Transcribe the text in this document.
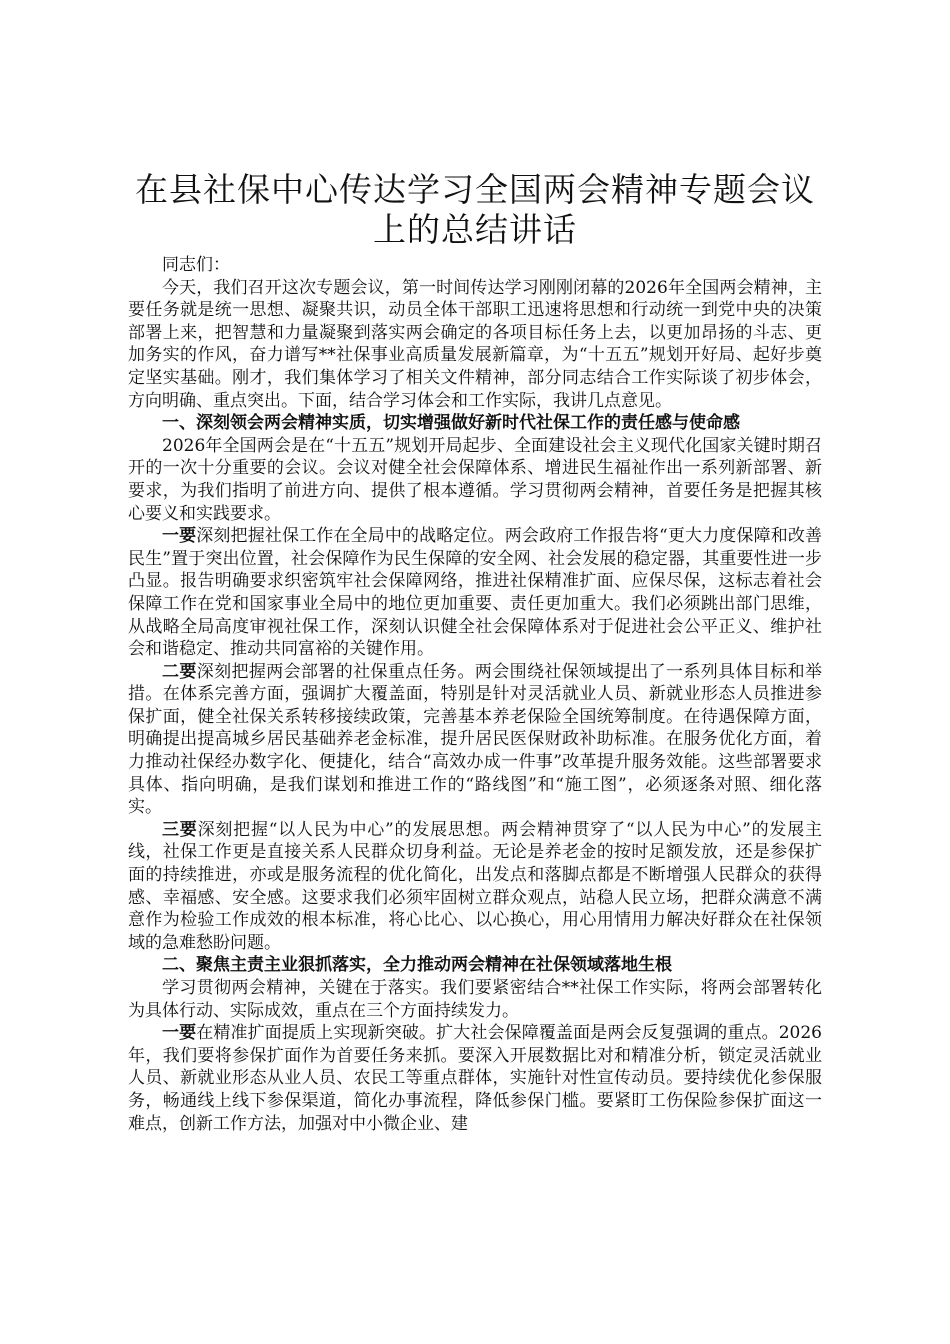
在县社保中心传达学习全国两会精神专题会议
上的总结讲话

同志们：

今天，我们召开这次专题会议，第一时间传达学习刚刚闭幕的2026年全国两会精神，主要任务就是统一思想、凝聚共识，动员全体干部职工迅速将思想和行动统一到党中央的决策部署上来，把智慧和力量凝聚到落实两会确定的各项目标任务上去，以更加昂扬的斗志、更加务实的作风，奋力谱写**社保事业高质量发展新篇章，为“十五五”规划开好局、起好步奠定坚实基础。刚才，我们集体学习了相关文件精神，部分同志结合工作实际谈了初步体会，方向明确、重点突出。下面，结合学习体会和工作实际，我讲几点意见。

一、深刻领会两会精神实质，切实增强做好新时代社保工作的责任感与使命感

2026年全国两会是在“十五五”规划开局起步、全面建设社会主义现代化国家关键时期召开的一次十分重要的会议。会议对健全社会保障体系、增进民生福祉作出一系列新部署、新要求，为我们指明了前进方向、提供了根本遵循。学习贯彻两会精神，首要任务是把握其核心要义和实践要求。

一要深刻把握社保工作在全局中的战略定位。两会政府工作报告将“更大力度保障和改善民生”置于突出位置，社会保障作为民生保障的安全网、社会发展的稳定器，其重要性进一步凸显。报告明确要求织密筑牢社会保障网络，推进社保精准扩面、应保尽保，这标志着社会保障工作在党和国家事业全局中的地位更加重要、责任更加重大。我们必须跳出部门思维，从战略全局高度审视社保工作，深刻认识健全社会保障体系对于促进社会公平正义、维护社会和谐稳定、推动共同富裕的关键作用。

二要深刻把握两会部署的社保重点任务。两会围绕社保领域提出了一系列具体目标和举措。在体系完善方面，强调扩大覆盖面，特别是针对灵活就业人员、新就业形态人员推进参保扩面，健全社保关系转移接续政策，完善基本养老保险全国统筹制度。在待遇保障方面，明确提出提高城乡居民基础养老金标准，提升居民医保财政补助标准。在服务优化方面，着力推动社保经办数字化、便捷化，结合“高效办成一件事”改革提升服务效能。这些部署要求具体、指向明确，是我们谋划和推进工作的“路线图”和“施工图”，必须逐条对照、细化落实。

三要深刻把握“以人民为中心”的发展思想。两会精神贯穿了“以人民为中心”的发展主线，社保工作更是直接关系人民群众切身利益。无论是养老金的按时足额发放，还是参保扩面的持续推进，亦或是服务流程的优化简化，出发点和落脚点都是不断增强人民群众的获得感、幸福感、安全感。这要求我们必须牢固树立群众观点，站稳人民立场，把群众满意不满意作为检验工作成效的根本标准，将心比心、以心换心，用心用情用力解决好群众在社保领域的急难愁盼问题。

二、聚焦主责主业狠抓落实，全力推动两会精神在社保领域落地生根

学习贯彻两会精神，关键在于落实。我们要紧密结合**社保工作实际，将两会部署转化为具体行动、实际成效，重点在三个方面持续发力。

一要在精准扩面提质上实现新突破。扩大社会保障覆盖面是两会反复强调的重点。2026年，我们要将参保扩面作为首要任务来抓。要深入开展数据比对和精准分析，锁定灵活就业人员、新就业形态从业人员、农民工等重点群体，实施针对性宣传动员。要持续优化参保服务，畅通线上线下参保渠道，简化办事流程，降低参保门槛。要紧盯工伤保险参保扩面这一难点，创新工作方法，加强对中小微企业、建
